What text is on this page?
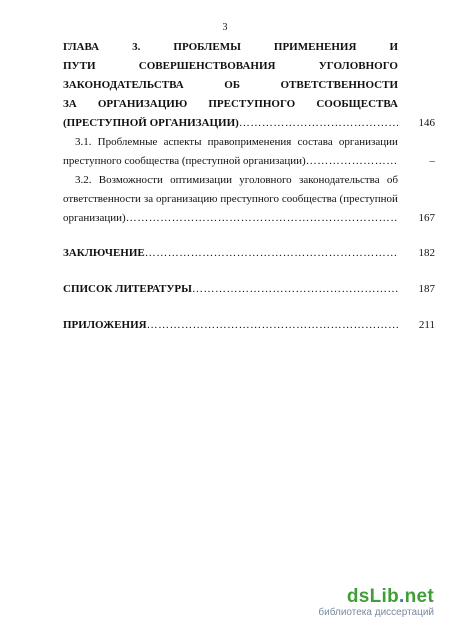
3
ГЛАВА	3.	ПРОБЛЕМЫ	ПРИМЕНЕНИЯ	И
ПУТИ	СОВЕРШЕНСТВОВАНИЯ	УГОЛОВНОГО
ЗАКОНОДАТЕЛЬСТВА	ОБ	ОТВЕТСТВЕННОСТИ
ЗА ОРГАНИЗАЦИЮ ПРЕСТУПНОГО СООБЩЕСТВА
(ПРЕСТУПНОЙ ОРГАНИЗАЦИИ) …………………………………………………………………………………………………………………………………………	146
3.1. Проблемные аспекты правоприменения состава организации
преступного сообщества (преступной организации) …………………………………………………………………………………………………………………………………………	–
3.2. Возможности оптимизации уголовного законодательства об
ответственности за организацию преступного сообщества (преступной
организации) …………………………………………………………………………………………………………………………………………	167
ЗАКЛЮЧЕНИЕ …………………………………………………………………………………………………………………………………………	182
СПИСОК ЛИТЕРАТУРЫ …………………………………………………………………………………………………………………………………………	187
ПРИЛОЖЕНИЯ …………………………………………………………………………………………………………………………………………	211
dsLib.net
библиотека диссертаций
